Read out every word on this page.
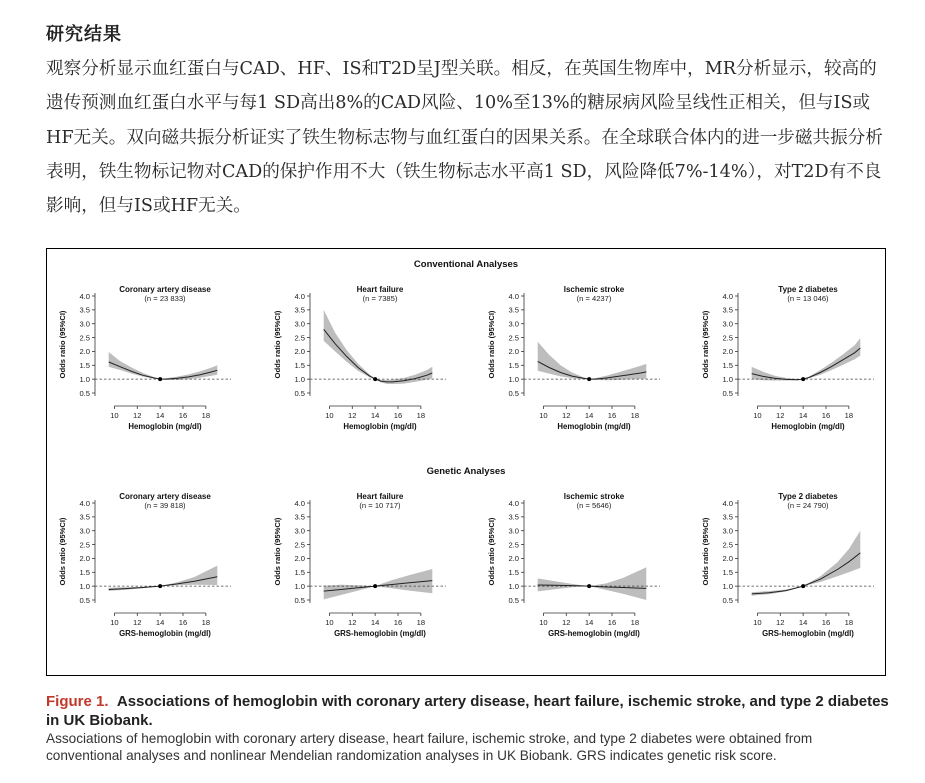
研究结果

观察分析显示血红蛋白与CAD、HF、IS和T2D呈J型关联。相反，在英国生物库中，MR分析显示，较高的遗传预测血红蛋白水平与每1 SD高出8%的CAD风险、10%至13%的糖尿病风险呈线性正相关，但与IS或HF无关。双向磁共振分析证实了铁生物标志物与血红蛋白的因果关系。在全球联合体内的进一步磁共振分析表明，铁生物标记物对CAD的保护作用不大（铁生物标志水平高1 SD，风险降低7%-14%），对T2D有不良影响，但与IS或HF无关。

Conventional Analyses
Genetic Analyses
0.5
1.0
1.5
2.0
2.5
3.0
3.5
4.0
10 12 14 16 18
Hemoglobin (mg/dl)
Odds ratio (95%CI)
Coronary artery disease
(n = 23 833)
0.5
1.0
1.5
2.0
2.5
3.0
3.5
4.0
10 12 14 16 18
Hemoglobin (mg/dl)
Odds ratio (95%CI)
Heart failure
(n = 7385)
0.5
1.0
1.5
2.0
2.5
3.0
3.5
4.0
10 12 14 16 18
Hemoglobin (mg/dl)
Odds ratio (95%CI)
Ischemic stroke
(n = 4237)
0.5
1.0
1.5
2.0
2.5
3.0
3.5
4.0
10 12 14 16 18
Hemoglobin (mg/dl)
Odds ratio (95%CI)
Type 2 diabetes
(n = 13 046)
0.5
1.0
1.5
2.0
2.5
3.0
3.5
4.0
10 12 14 16 18
GRS-hemoglobin (mg/dl)
Odds ratio (95%CI)
Coronary artery disease
(n = 39 818)
0.5
1.0
1.5
2.0
2.5
3.0
3.5
4.0
10 12 14 16 18
GRS-hemoglobin (mg/dl)
Odds ratio (95%CI)
Heart failure
(n = 10 717)
0.5
1.0
1.5
2.0
2.5
3.0
3.5
4.0
10 12 14 16 18
GRS-hemoglobin (mg/dl)
Odds ratio (95%CI)
Ischemic stroke
(n = 5646)
0.5
1.0
1.5
2.0
2.5
3.0
3.5
4.0
10 12 14 16 18
GRS-hemoglobin (mg/dl)
Odds ratio (95%CI)
Type 2 diabetes
(n = 24 790)
Figure 1. Associations of hemoglobin with coronary artery disease, heart failure, ischemic stroke, and type 2 diabetes in UK Biobank.
Associations of hemoglobin with coronary artery disease, heart failure, ischemic stroke, and type 2 diabetes were obtained from conventional analyses and nonlinear Mendelian randomization analyses in UK Biobank. GRS indicates genetic risk score.
